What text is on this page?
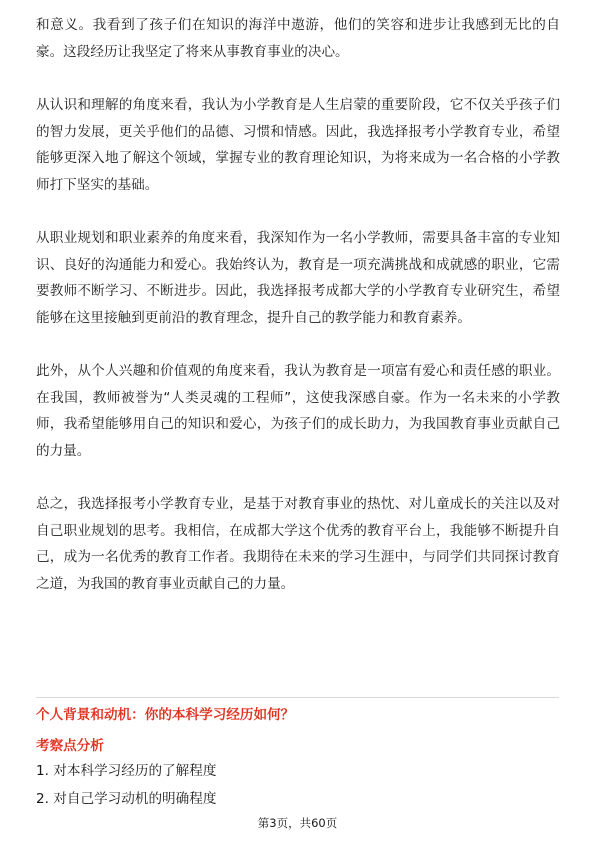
和意义。我看到了孩子们在知识的海洋中遨游，他们的笑容和进步让我感到无比的自豪。这段经历让我坚定了将来从事教育事业的决心。

从认识和理解的角度来看，我认为小学教育是人生启蒙的重要阶段，它不仅关乎孩子们的智力发展，更关乎他们的品德、习惯和情感。因此，我选择报考小学教育专业，希望能够更深入地了解这个领域，掌握专业的教育理论知识，为将来成为一名合格的小学教师打下坚实的基础。

从职业规划和职业素养的角度来看，我深知作为一名小学教师，需要具备丰富的专业知识、良好的沟通能力和爱心。我始终认为，教育是一项充满挑战和成就感的职业，它需要教师不断学习、不断进步。因此，我选择报考成都大学的小学教育专业研究生，希望能够在这里接触到更前沿的教育理念，提升自己的教学能力和教育素养。

此外，从个人兴趣和价值观的角度来看，我认为教育是一项富有爱心和责任感的职业。在我国，教师被誉为“人类灵魂的工程师”，这使我深感自豪。作为一名未来的小学教师，我希望能够用自己的知识和爱心，为孩子们的成长助力，为我国教育事业贡献自己的力量。

总之，我选择报考小学教育专业，是基于对教育事业的热忱、对儿童成长的关注以及对自己职业规划的思考。我相信，在成都大学这个优秀的教育平台上，我能够不断提升自己，成为一名优秀的教育工作者。我期待在未来的学习生涯中，与同学们共同探讨教育之道，为我国的教育事业贡献自己的力量。

个人背景和动机：你的本科学习经历如何？
考察点分析
1. 对本科学习经历的了解程度
2. 对自己学习动机的明确程度
第3页，共60页
